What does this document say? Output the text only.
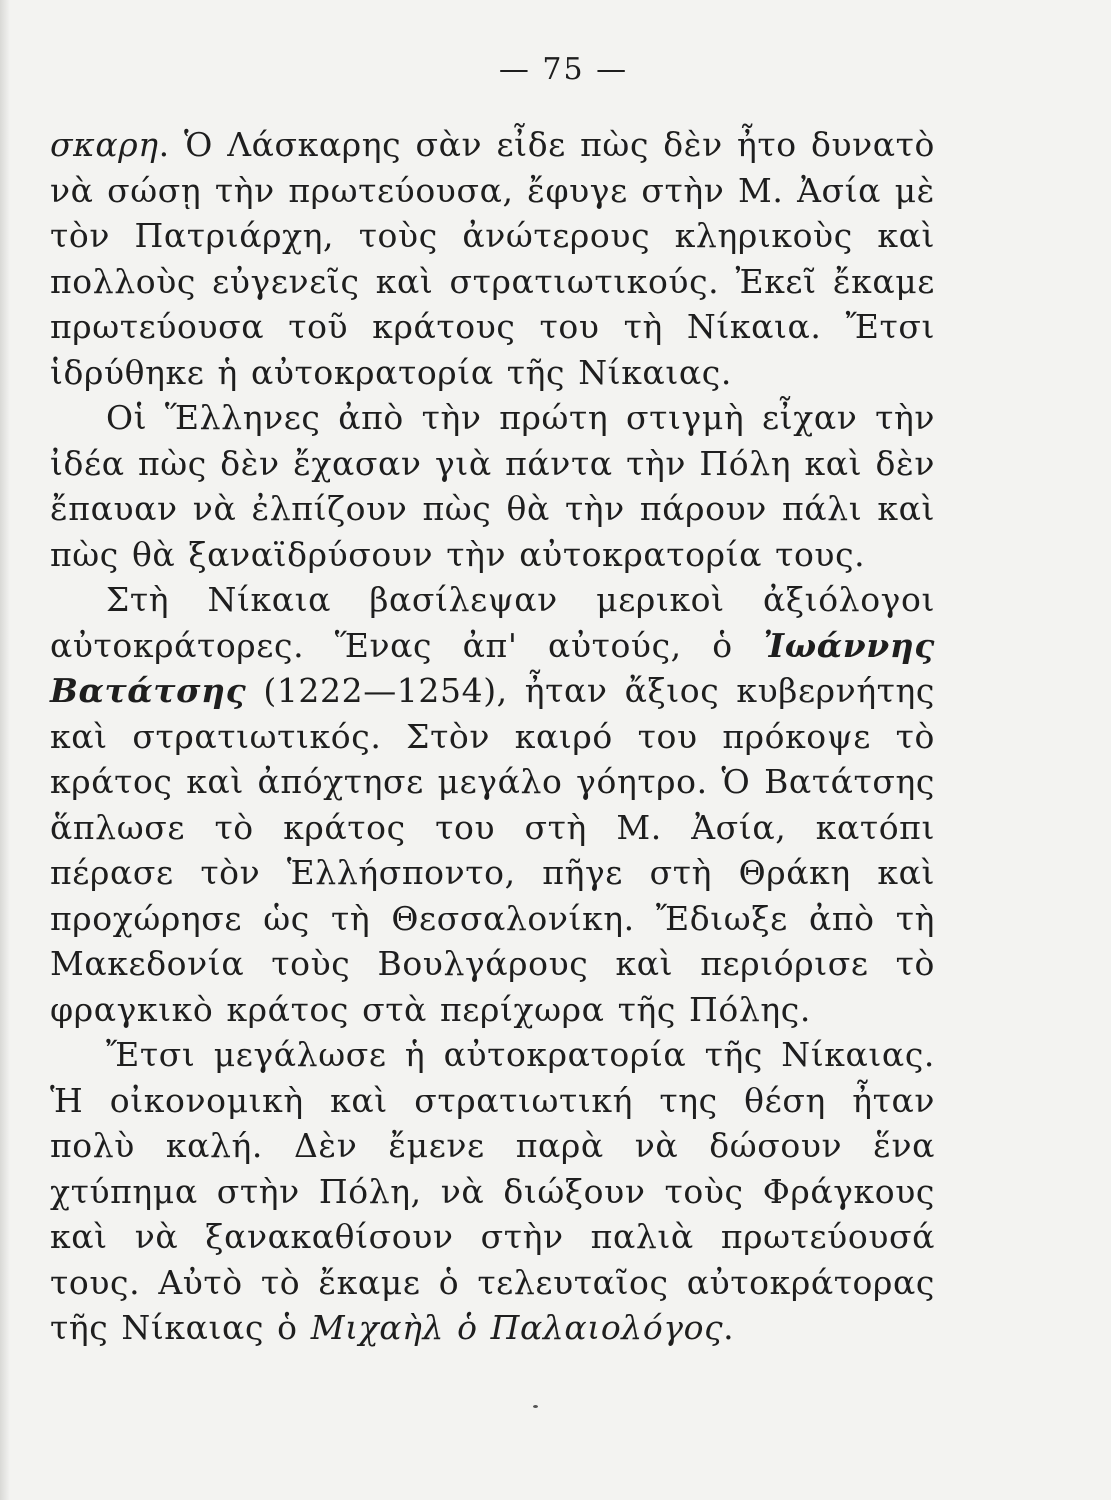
— 75 —

σκαρη. Ὁ Λάσκαρης σὰν εἶδε πὼς δὲν ἦτο δυνατὸ νὰ σώσῃ τὴν πρωτεύουσα, ἔφυγε στὴν Μ. Ἀσία μὲ τὸν Πατριάρχη, τοὺς ἀνώτερους κληρικοὺς καὶ πολλοὺς εὐγενεῖς καὶ στρατιωτικούς. Ἐκεῖ ἔκαμε πρωτεύουσα τοῦ κράτους του τὴ Νίκαια. Ἔτσι ἱδρύθηκε ἡ αὐτοκρατορία τῆς Νίκαιας.

Οἱ Ἕλληνες ἀπὸ τὴν πρώτη στιγμὴ εἶχαν τὴν ἰδέα πὼς δὲν ἔχασαν γιὰ πάντα τὴν Πόλη καὶ δὲν ἔπαυαν νὰ ἐλπίζουν πὼς θὰ τὴν πάρουν πάλι καὶ πὼς θὰ ξαναϊδρύσουν τὴν αὐτοκρατορία τους.

Στὴ Νίκαια βασίλεψαν μερικοὶ ἀξιόλογοι αὐτοκράτορες. Ἕνας ἀπ' αὐτούς, ὁ Ἰωάννης Βατάτσης (1222—1254), ἦταν ἄξιος κυβερνήτης καὶ στρατιωτικός. Στὸν καιρό του πρόκοψε τὸ κράτος καὶ ἀπόχτησε μεγάλο γόητρο. Ὁ Βατάτσης ἅπλωσε τὸ κράτος του στὴ Μ. Ἀσία, κατόπι πέρασε τὸν Ἑλλήσποντο, πῆγε στὴ Θράκη καὶ προχώρησε ὡς τὴ Θεσσαλονίκη. Ἔδιωξε ἀπὸ τὴ Μακεδονία τοὺς Βουλγάρους καὶ περιόρισε τὸ φραγκικὸ κράτος στὰ περίχωρα τῆς Πόλης.

Ἔτσι μεγάλωσε ἡ αὐτοκρατορία τῆς Νίκαιας. Ἡ οἰκονομικὴ καὶ στρατιωτική της θέση ἦταν πολὺ καλή. Δὲν ἔμενε παρὰ νὰ δώσουν ἕνα χτύπημα στὴν Πόλη, νὰ διώξουν τοὺς Φράγκους καὶ νὰ ξανακαθίσουν στὴν παλιὰ πρωτεύουσά τους. Αὐτὸ τὸ ἔκαμε ὁ τελευταῖος αὐτοκράτορας τῆς Νίκαιας ὁ Μιχαὴλ ὁ Παλαιολόγος.
